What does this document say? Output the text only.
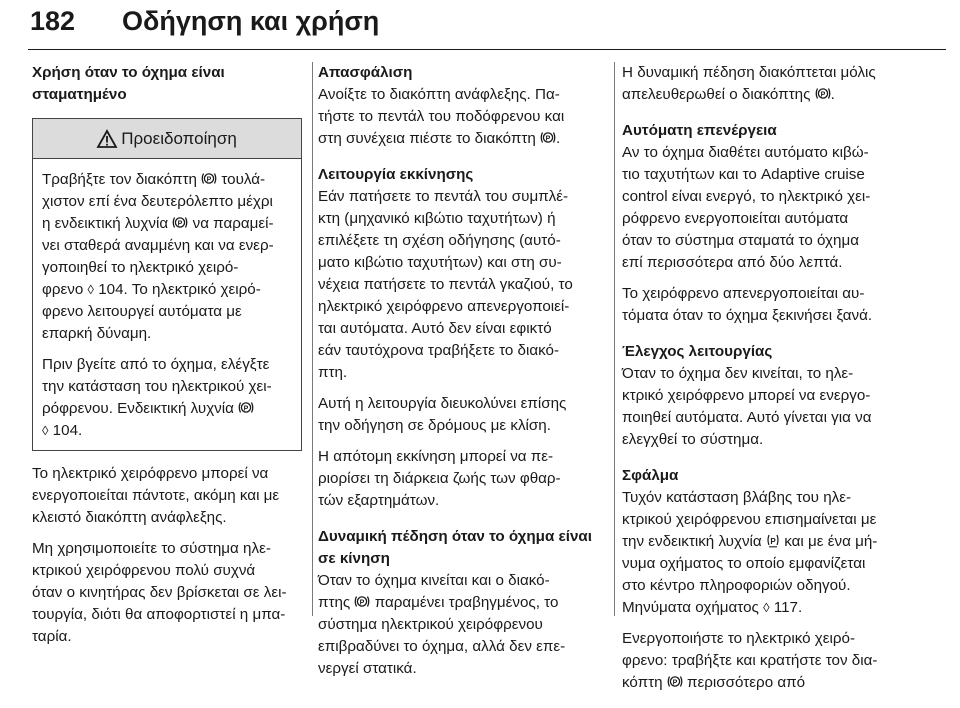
182 Οδήγηση και χρήση
Χρήση όταν το όχημα είναι
σταματημένο
Προειδοποίηση

Τραβήξτε τον διακόπτη P τουλά-
χιστον επί ένα δευτερόλεπτο μέχρι
η ενδεικτική λυχνία P να παραμεί-
νει σταθερά αναμμένη και να ενερ-
γοποιηθεί το ηλεκτρικό χειρό-
φρενο ◊ 104. Το ηλεκτρικό χειρό-
φρενο λειτουργεί αυτόματα με
επαρκή δύναμη.

Πριν βγείτε από το όχημα, ελέγξτε
την κατάσταση του ηλεκτρικού χει-
ρόφρενου. Ενδεικτική λυχνία P
◊ 104.

Το ηλεκτρικό χειρόφρενο μπορεί να
ενεργοποιείται πάντοτε, ακόμη και με
κλειστό διακόπτη ανάφλεξης.

Μη χρησιμοποιείτε το σύστημα ηλε-
κτρικού χειρόφρενου πολύ συχνά
όταν ο κινητήρας δεν βρίσκεται σε λει-
τουργία, διότι θα αποφορτιστεί η μπα-
ταρία.

Απασφάλιση

Ανοίξτε το διακόπτη ανάφλεξης. Πα-
τήστε το πεντάλ του ποδόφρενου και
στη συνέχεια πιέστε το διακόπτη P .

Λειτουργία εκκίνησης

Εάν πατήσετε το πεντάλ του συμπλέ-
κτη (μηχανικό κιβώτιο ταχυτήτων) ή
επιλέξετε τη σχέση οδήγησης (αυτό-
ματο κιβώτιο ταχυτήτων) και στη συ-
νέχεια πατήσετε το πεντάλ γκαζιού, το
ηλεκτρικό χειρόφρενο απενεργοποιεί-
ται αυτόματα. Αυτό δεν είναι εφικτό
εάν ταυτόχρονα τραβήξετε το διακό-
πτη.

Αυτή η λειτουργία διευκολύνει επίσης
την οδήγηση σε δρόμους με κλίση.

Η απότομη εκκίνηση μπορεί να πε-
ριορίσει τη διάρκεια ζωής των φθαρ-
τών εξαρτημάτων.

Δυναμική πέδηση όταν το όχημα είναι
σε κίνηση

Όταν το όχημα κινείται και ο διακό-
πτης P παραμένει τραβηγμένος, το
σύστημα ηλεκτρικού χειρόφρενου
επιβραδύνει το όχημα, αλλά δεν επε-
νεργεί στατικά.

Η δυναμική πέδηση διακόπτεται μόλις
απελευθερωθεί ο διακόπτης P .

Αυτόματη επενέργεια

Αν το όχημα διαθέτει αυτόματο κιβώ-
τιο ταχυτήτων και το Adaptive cruise
control είναι ενεργό, το ηλεκτρικό χει-
ρόφρενο ενεργοποιείται αυτόματα
όταν το σύστημα σταματά το όχημα
επί περισσότερα από δύο λεπτά.

Το χειρόφρενο απενεργοποιείται αυ-
τόματα όταν το όχημα ξεκινήσει ξανά.

Έλεγχος λειτουργίας

Όταν το όχημα δεν κινείται, το ηλε-
κτρικό χειρόφρενο μπορεί να ενεργο-
ποιηθεί αυτόματα. Αυτό γίνεται για να
ελεγχθεί το σύστημα.

Σφάλμα

Τυχόν κατάσταση βλάβης του ηλε-
κτρικού χειρόφρενου επισημαίνεται με
την ενδεικτική λυχνία P και με ένα μή-
νυμα οχήματος το οποίο εμφανίζεται
στο κέντρο πληροφοριών οδηγού.
Μηνύματα οχήματος ◊ 117.

Ενεργοποιήστε το ηλεκτρικό χειρό-
φρενο: τραβήξτε και κρατήστε τον δια-
κόπτη P περισσότερο από
